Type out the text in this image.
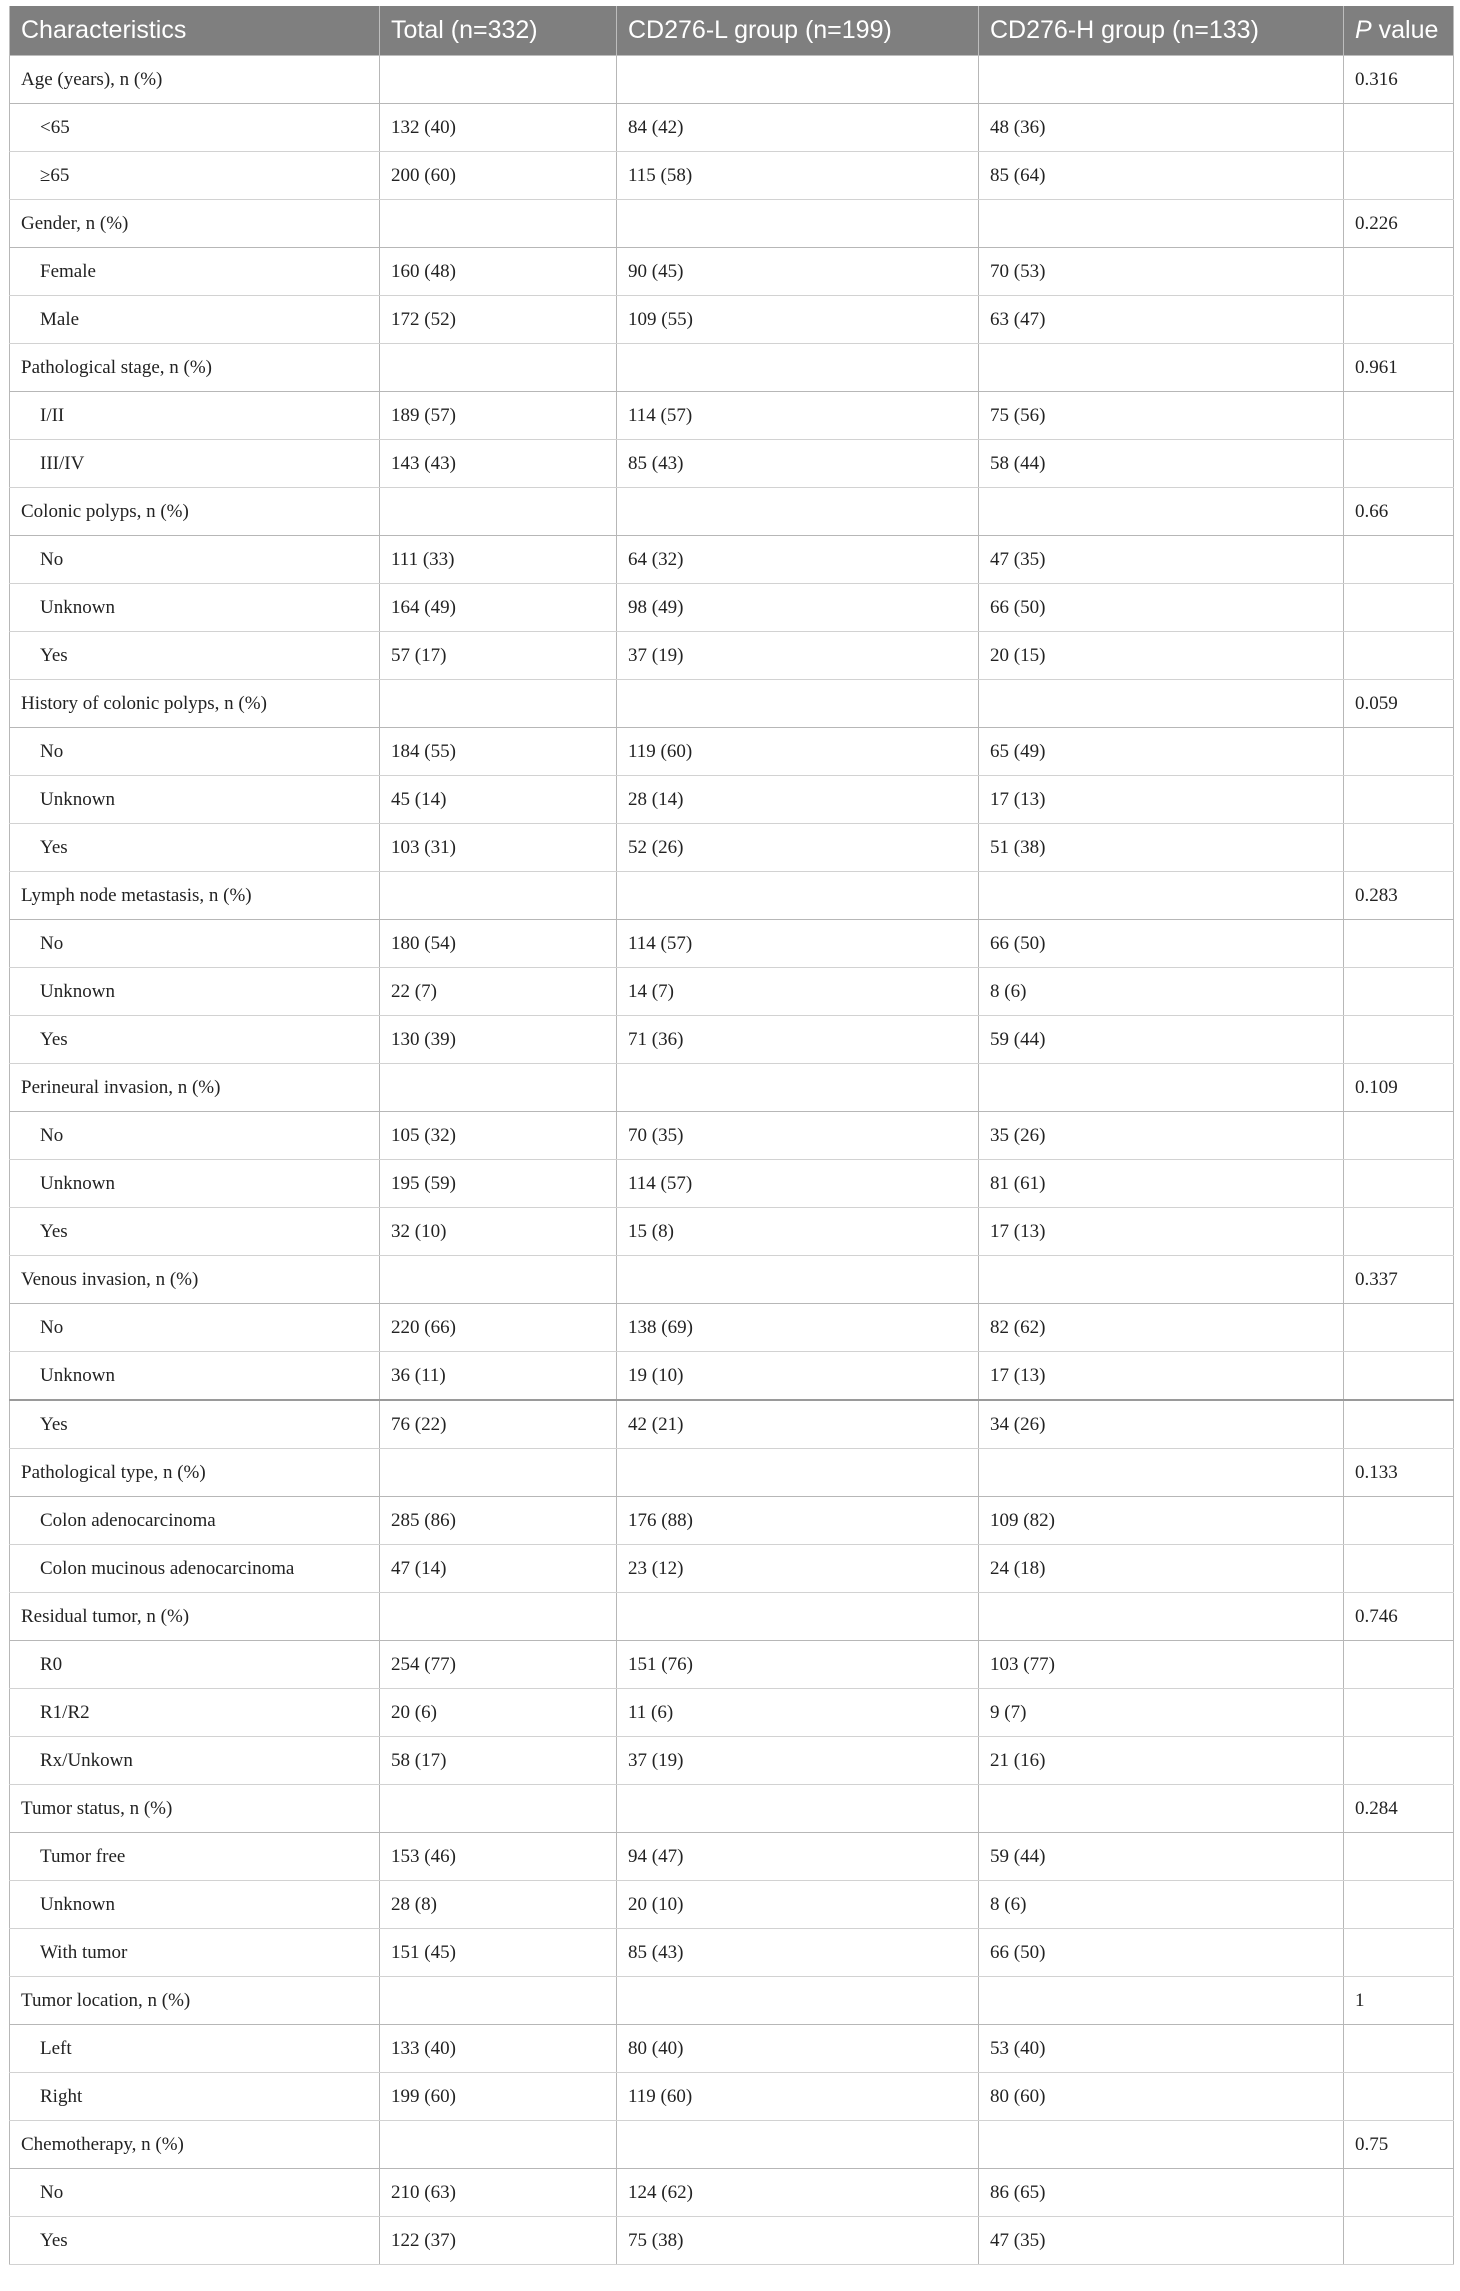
Characteristics	Total (n=332)	CD276-L group (n=199)	CD276-H group (n=133)	P value
Age (years), n (%)				0.316
<65	132 (40)	84 (42)	48 (36)	
≥65	200 (60)	115 (58)	85 (64)	
Gender, n (%)				0.226
Female	160 (48)	90 (45)	70 (53)	
Male	172 (52)	109 (55)	63 (47)	
Pathological stage, n (%)				0.961
I/II	189 (57)	114 (57)	75 (56)	
III/IV	143 (43)	85 (43)	58 (44)	
Colonic polyps, n (%)				0.66
No	111 (33)	64 (32)	47 (35)	
Unknown	164 (49)	98 (49)	66 (50)	
Yes	57 (17)	37 (19)	20 (15)	
History of colonic polyps, n (%)				0.059
No	184 (55)	119 (60)	65 (49)	
Unknown	45 (14)	28 (14)	17 (13)	
Yes	103 (31)	52 (26)	51 (38)	
Lymph node metastasis, n (%)				0.283
No	180 (54)	114 (57)	66 (50)	
Unknown	22 (7)	14 (7)	8 (6)	
Yes	130 (39)	71 (36)	59 (44)	
Perineural invasion, n (%)				0.109
No	105 (32)	70 (35)	35 (26)	
Unknown	195 (59)	114 (57)	81 (61)	
Yes	32 (10)	15 (8)	17 (13)	
Venous invasion, n (%)				0.337
No	220 (66)	138 (69)	82 (62)	
Unknown	36 (11)	19 (10)	17 (13)	
Yes	76 (22)	42 (21)	34 (26)	
Pathological type, n (%)				0.133
Colon adenocarcinoma	285 (86)	176 (88)	109 (82)	
Colon mucinous adenocarcinoma	47 (14)	23 (12)	24 (18)	
Residual tumor, n (%)				0.746
R0	254 (77)	151 (76)	103 (77)	
R1/R2	20 (6)	11 (6)	9 (7)	
Rx/Unkown	58 (17)	37 (19)	21 (16)	
Tumor status, n (%)				0.284
Tumor free	153 (46)	94 (47)	59 (44)	
Unknown	28 (8)	20 (10)	8 (6)	
With tumor	151 (45)	85 (43)	66 (50)	
Tumor location, n (%)				1
Left	133 (40)	80 (40)	53 (40)	
Right	199 (60)	119 (60)	80 (60)	
Chemotherapy, n (%)				0.75
No	210 (63)	124 (62)	86 (65)	
Yes	122 (37)	75 (38)	47 (35)	
